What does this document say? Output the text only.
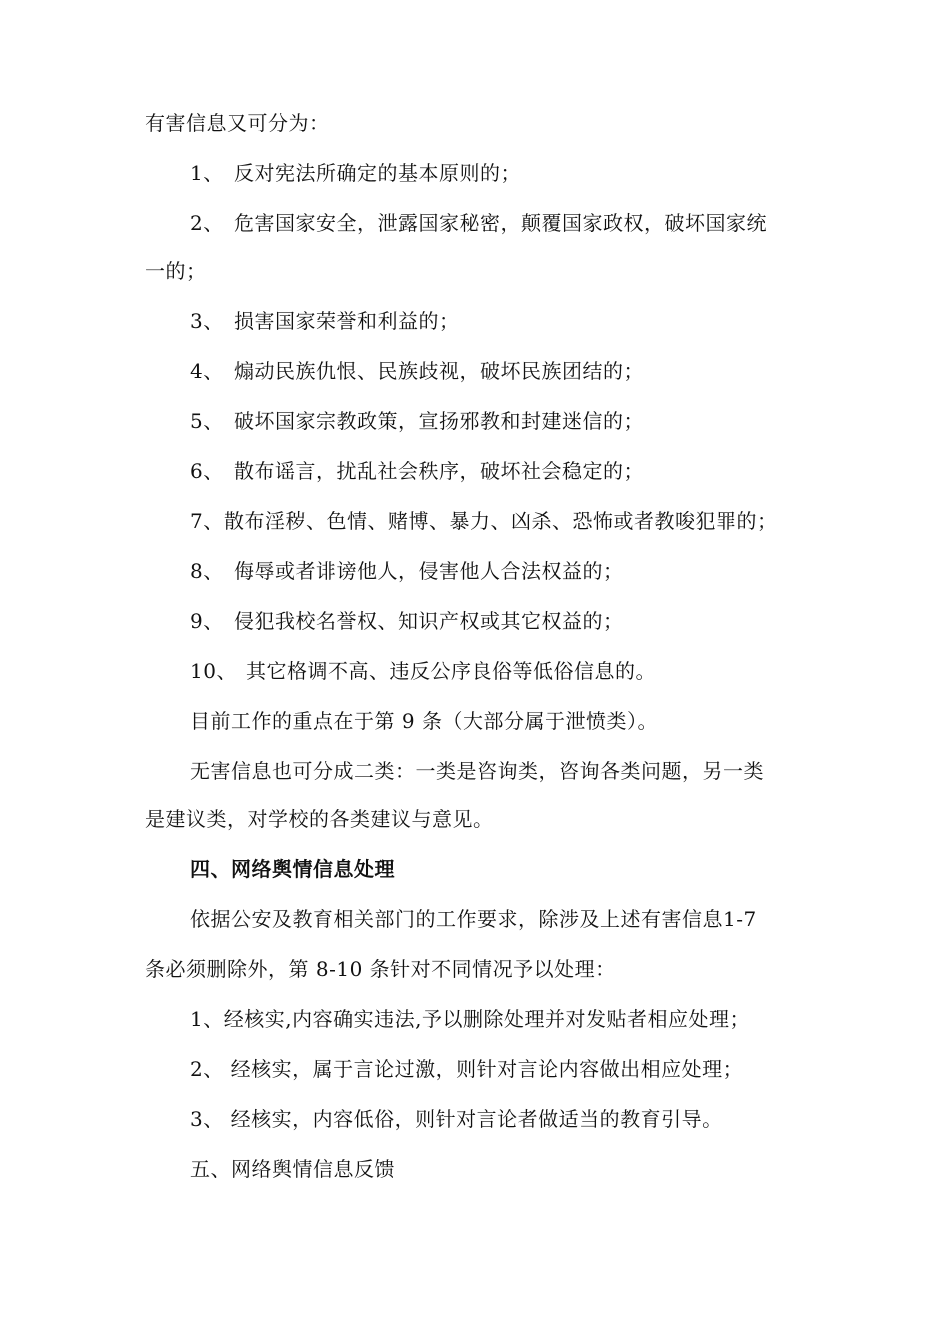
有害信息又可分为：
1、 反对宪法所确定的基本原则的；
2、 危害国家安全，泄露国家秘密，颠覆国家政权，破坏国家统
一的；
3、 损害国家荣誉和利益的；
4、 煽动民族仇恨、民族歧视，破坏民族团结的；
5、 破坏国家宗教政策，宣扬邪教和封建迷信的；
6、 散布谣言，扰乱社会秩序，破坏社会稳定的；
7、散布淫秽、色情、赌博、暴力、凶杀、恐怖或者教唆犯罪的；
8、 侮辱或者诽谤他人，侵害他人合法权益的；
9、 侵犯我校名誉权、知识产权或其它权益的；
10、 其它格调不高、违反公序良俗等低俗信息的。
目前工作的重点在于第 9 条（大部分属于泄愤类）。
无害信息也可分成二类：一类是咨询类，咨询各类问题，另一类
是建议类，对学校的各类建议与意见。
四、网络舆情信息处理
依据公安及教育相关部门的工作要求，除涉及上述有害信息1-7
条必须删除外，第 8-10 条针对不同情况予以处理：
1、经核实,内容确实违法,予以删除处理并对发贴者相应处理；
2、 经核实，属于言论过激，则针对言论内容做出相应处理；
3、 经核实，内容低俗，则针对言论者做适当的教育引导。
五、网络舆情信息反馈
